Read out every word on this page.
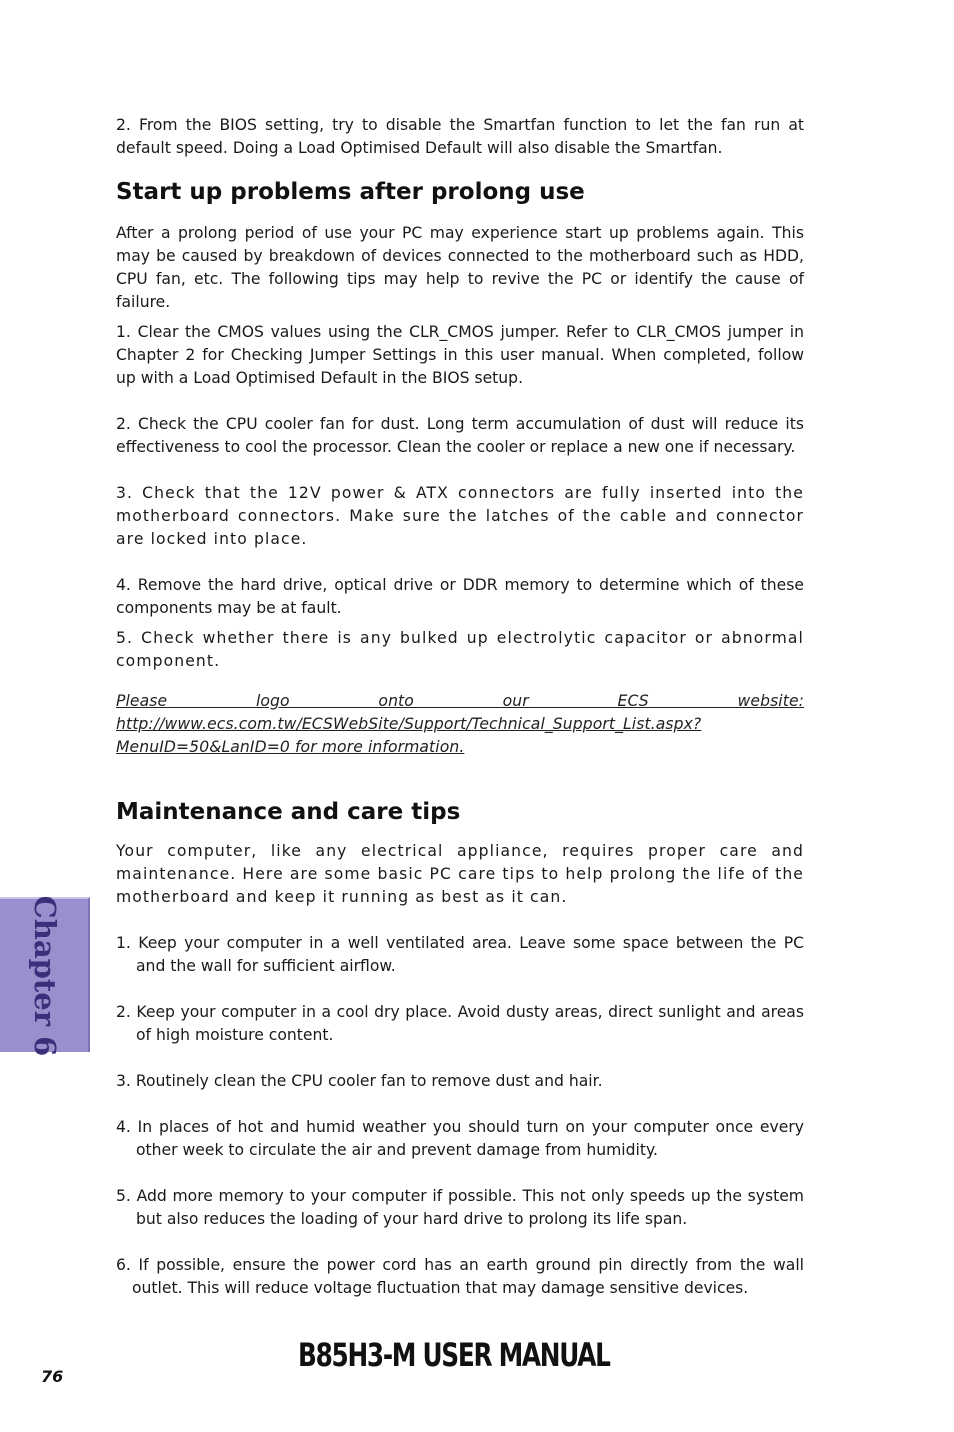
2. From the BIOS setting, try to disable the Smartfan function to let the fan run at default speed. Doing a Load Optimised Default will also disable the Smartfan.

Start up problems after prolong use

After a prolong period of use your PC may experience start up problems again. This may be caused by breakdown of devices connected to the motherboard such as HDD, CPU fan, etc. The following tips may help to revive the PC or identify the cause of failure.

1. Clear the CMOS values using the CLR_CMOS jumper. Refer to CLR_CMOS jumper in Chapter 2 for Checking Jumper Settings in this user manual. When completed, follow up with a Load Optimised Default in the BIOS setup.

2. Check the CPU cooler fan for dust. Long term accumulation of dust will reduce its effectiveness to cool the processor. Clean the cooler or replace a new one if necessary.

3. Check that the 12V power & ATX connectors are fully inserted into the motherboard connectors. Make sure the latches of the cable and connector are locked into place.

4. Remove the hard drive, optical drive or DDR memory to determine which of these components may be at fault.

5. Check whether there is any bulked up electrolytic capacitor or abnormal component.

Please logo onto our ECS website: http://www.ecs.com.tw/ECSWebSite/Support/Technical_Support_List.aspx?MenuID=50&LanID=0 for more information.

Maintenance and care tips

Your computer, like any electrical appliance, requires proper care and maintenance. Here are some basic PC care tips to help prolong the life of the motherboard and keep it running as best as it can.

1. Keep your computer in a well ventilated area. Leave some space between the PC and the wall for sufficient airflow.

2. Keep your computer in a cool dry place. Avoid dusty areas, direct sunlight and areas of high moisture content.

3. Routinely clean the CPU cooler fan to remove dust and hair.

4. In places of hot and humid weather you should turn on your computer once every other week to circulate the air and prevent damage from humidity.

5. Add more memory to your computer if possible. This not only speeds up the system but also reduces the loading of your hard drive to prolong its life span.

6. If possible, ensure the power cord has an earth ground pin directly from the wall outlet. This will reduce voltage fluctuation that may damage sensitive devices.

Chapter 6
76
B85H3-M USER MANUAL
